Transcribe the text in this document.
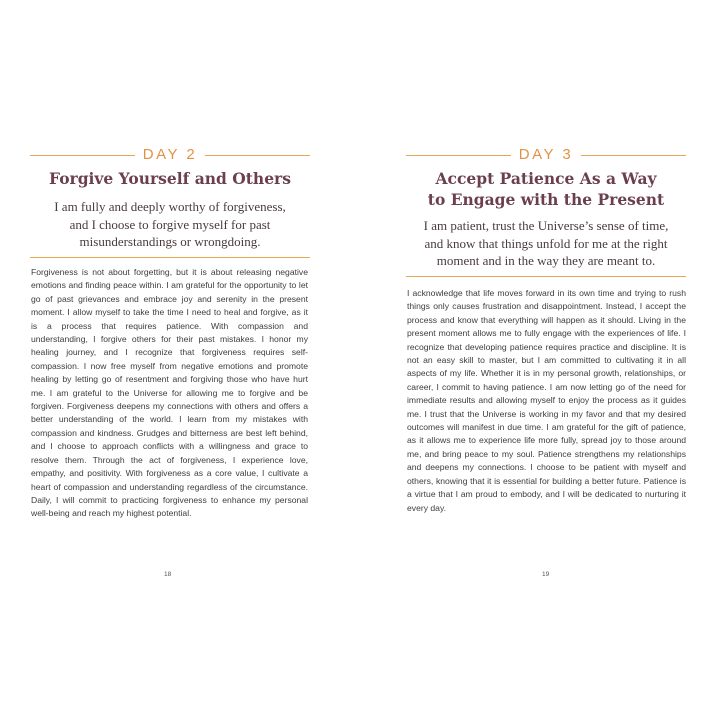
DAY 2
Forgive Yourself and Others
I am fully and deeply worthy of forgiveness,
and I choose to forgive myself for past
misunderstandings or wrongdoing.

Forgiveness is not about forgetting, but it is about releasing negative emotions and finding peace within. I am grateful for the opportunity to let go of past grievances and embrace joy and serenity in the present moment. I allow myself to take the time I need to heal and forgive, as it is a process that requires patience. With compassion and understanding, I forgive others for their past mistakes. I honor my healing journey, and I recognize that forgiveness requires self-compassion. I now free myself from negative emotions and promote healing by letting go of resentment and forgiving those who have hurt me. I am grateful to the Universe for allowing me to forgive and be forgiven. Forgiveness deepens my connections with others and offers a better understanding of the world. I learn from my mistakes with compassion and kindness. Grudges and bitterness are best left behind, and I choose to approach conflicts with a willingness and grace to resolve them. Through the act of forgiveness, I experience love, empathy, and positivity. With forgiveness as a core value, I cultivate a heart of compassion and understanding regardless of the circumstance. Daily, I will commit to practicing forgiveness to enhance my personal well-being and reach my highest potential.

18
DAY 3
Accept Patience As a Way
to Engage with the Present
I am patient, trust the Universe’s sense of time,
and know that things unfold for me at the right
moment and in the way they are meant to.

I acknowledge that life moves forward in its own time and trying to rush things only causes frustration and disappointment. Instead, I accept the process and know that everything will happen as it should. Living in the present moment allows me to fully engage with the experiences of life. I recognize that developing patience requires practice and discipline. It is not an easy skill to master, but I am committed to cultivating it in all aspects of my life. Whether it is in my personal growth, relationships, or career, I commit to having patience. I am now letting go of the need for immediate results and allowing myself to enjoy the process as it guides me. I trust that the Universe is working in my favor and that my desired outcomes will manifest in due time. I am grateful for the gift of patience, as it allows me to experience life more fully, spread joy to those around me, and bring peace to my soul. Patience strengthens my relationships and deepens my connections. I choose to be patient with myself and others, knowing that it is essential for building a better future. Patience is a virtue that I am proud to embody, and I will be dedicated to nurturing it every day.

19
